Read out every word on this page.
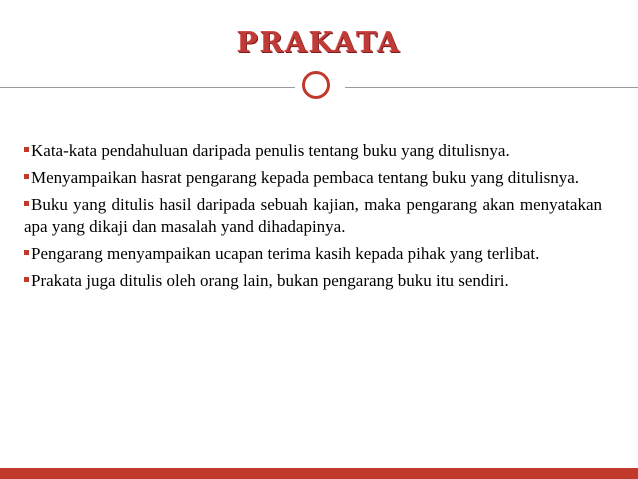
PRAKATA

Kata-kata pendahuluan daripada penulis tentang buku yang ditulisnya.

Menyampaikan hasrat pengarang kepada pembaca tentang buku yang ditulisnya.

Buku yang ditulis hasil daripada sebuah kajian, maka pengarang akan menyatakan apa yang dikaji dan masalah yand dihadapinya.

Pengarang menyampaikan ucapan terima kasih kepada pihak yang terlibat.

Prakata juga ditulis oleh orang lain, bukan pengarang buku itu sendiri.
